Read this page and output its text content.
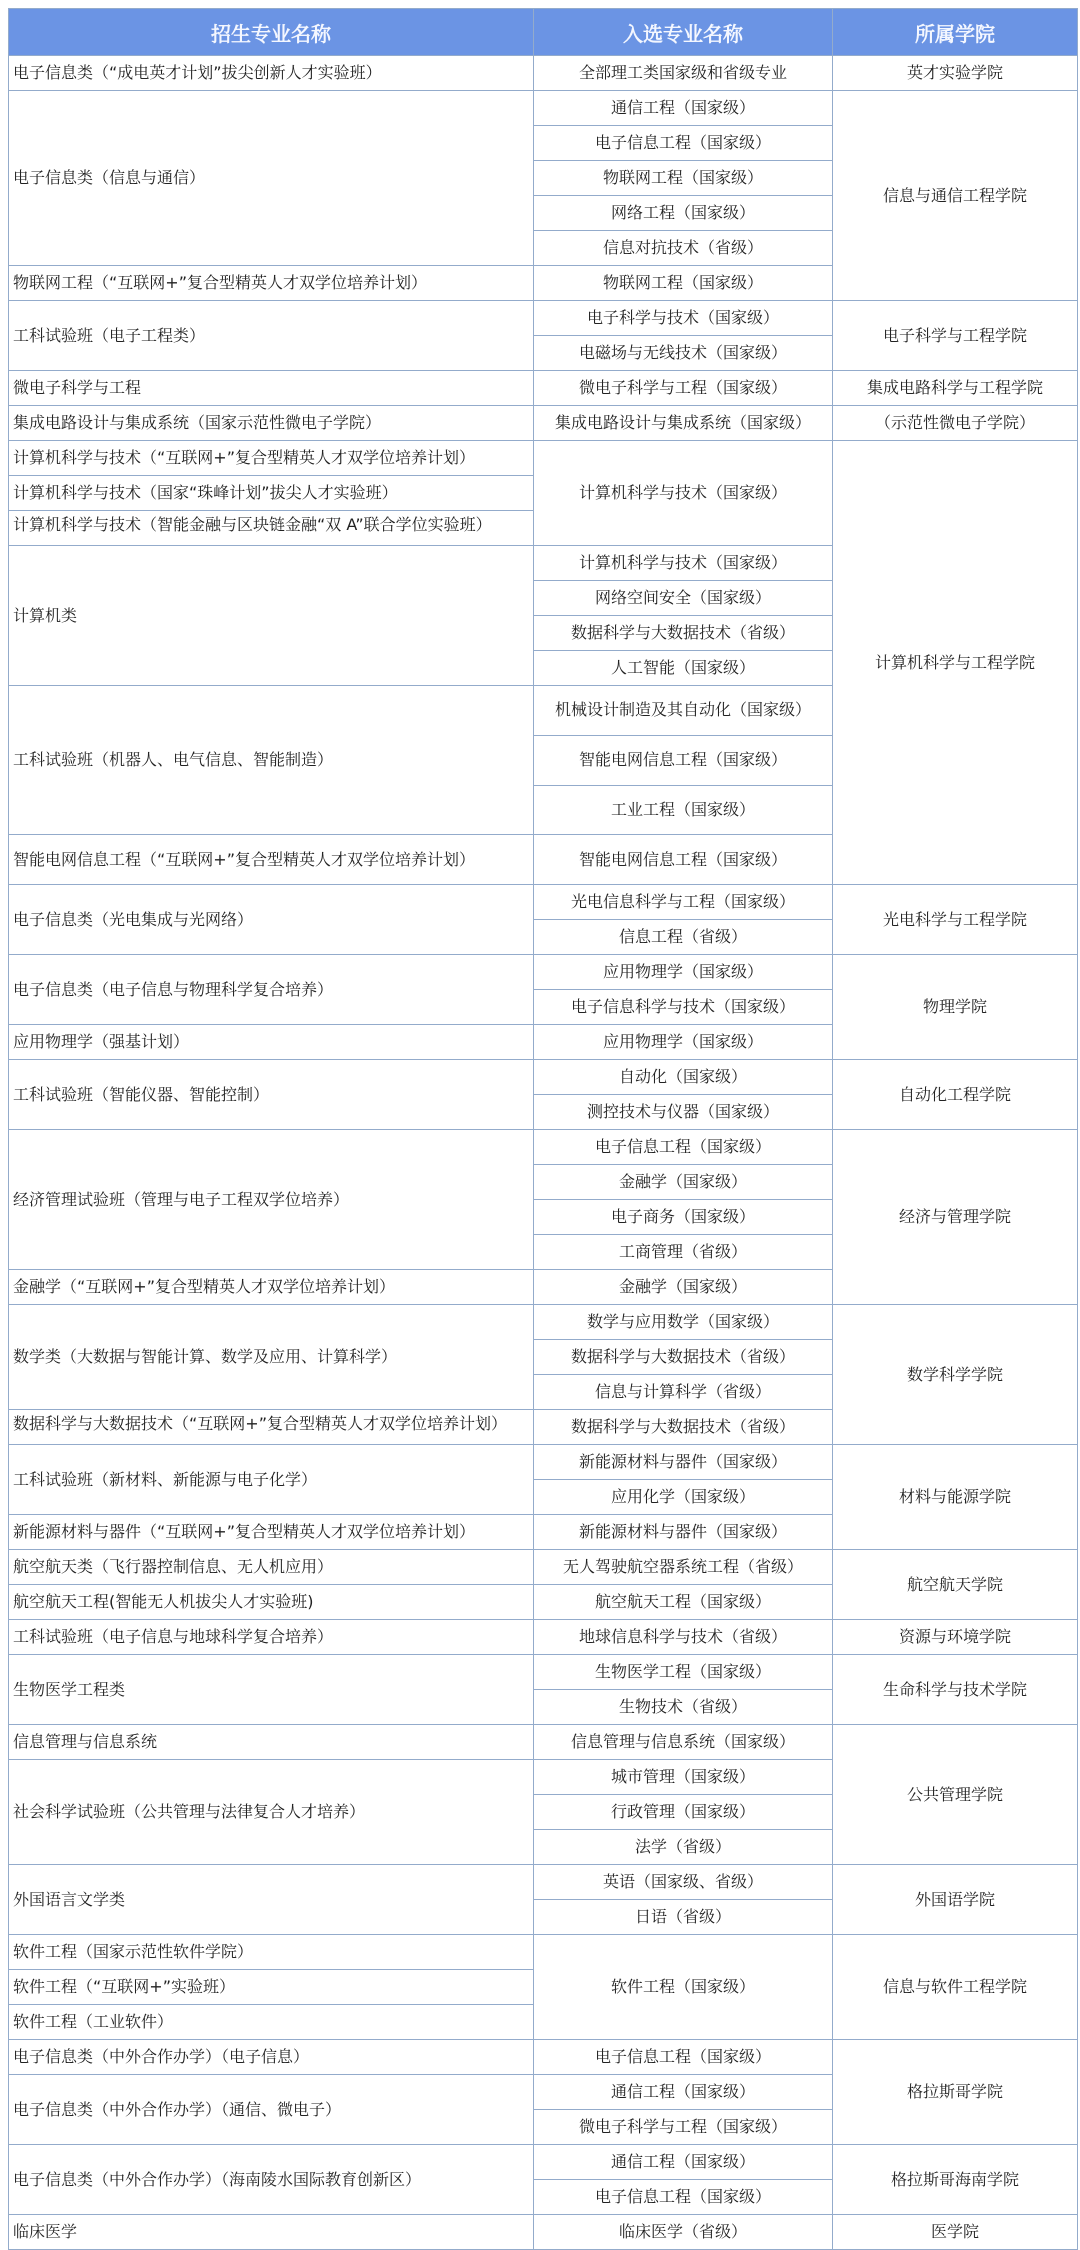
招生专业名称	入选专业名称	所属学院	
电子信息类（“成电英才计划”拔尖创新人才实验班）	全部理工类国家级和省级专业	英才实验学院	
电子信息类（信息与通信）	通信工程（国家级）	信息与通信工程学院	
	电子信息工程（国家级）		
	物联网工程（国家级）		
	网络工程（国家级）		
	信息对抗技术（省级）		
物联网工程（“互联网+”复合型精英人才双学位培养计划）	物联网工程（国家级）		
工科试验班（电子工程类）	电子科学与技术（国家级）	电子科学与工程学院	
	电磁场与无线技术（国家级）		
微电子科学与工程	微电子科学与工程（国家级）	集成电路科学与工程学院	
集成电路设计与集成系统（国家示范性微电子学院）	集成电路设计与集成系统（国家级）	（示范性微电子学院）	
计算机科学与技术（“互联网+”复合型精英人才双学位培养计划）	计算机科学与技术（国家级）	计算机科学与工程学院	
计算机科学与技术（国家“珠峰计划”拔尖人才实验班）			

计算机科学与技术（智能金融与区块链金融“双 A”联合学位实验班）			

计算机类	计算机科学与技术（国家级）		
	网络空间安全（国家级）		
	数据科学与大数据技术（省级）		
	人工智能（国家级）		
工科试验班（机器人、电气信息、智能制造）	机械设计制造及其自动化（国家级）	
	智能电网信息工程（国家级）		
	工业工程（国家级）		
智能电网信息工程（“互联网+”复合型精英人才双学位培养计划）	智能电网信息工程（国家级）		
电子信息类（光电集成与光网络）	光电信息科学与工程（国家级）	光电科学与工程学院	
	信息工程（省级）		
电子信息类（电子信息与物理科学复合培养）	应用物理学（国家级）	物理学院	
	电子信息科学与技术（国家级）		
应用物理学（强基计划）	应用物理学（国家级）		
工科试验班（智能仪器、智能控制）	自动化（国家级）	自动化工程学院	
	测控技术与仪器（国家级）		
经济管理试验班（管理与电子工程双学位培养）	电子信息工程（国家级）	经济与管理学院	
	金融学（国家级）		
	电子商务（国家级）		
	工商管理（省级）		
金融学（“互联网+”复合型精英人才双学位培养计划）	金融学（国家级）		
数学类（大数据与智能计算、数学及应用、计算科学）	数学与应用数学（国家级）	数学科学学院	
	数据科学与大数据技术（省级）		
	信息与计算科学（省级）		

数据科学与大数据技术（“互联网+”复合型精英人才双学位培养计划）	数据科学与大数据技术（省级）		
工科试验班（新材料、新能源与电子化学）	新能源材料与器件（国家级）	材料与能源学院	
	应用化学（国家级）		
新能源材料与器件（“互联网+”复合型精英人才双学位培养计划）	新能源材料与器件（国家级）		
航空航天类（飞行器控制信息、无人机应用）	无人驾驶航空器系统工程（省级）	航空航天学院	
航空航天工程(智能无人机拔尖人才实验班)	航空航天工程（国家级）		
工科试验班（电子信息与地球科学复合培养）	地球信息科学与技术（省级）	资源与环境学院	
生物医学工程类	生物医学工程（国家级）	生命科学与技术学院	
	生物技术（省级）		
信息管理与信息系统	信息管理与信息系统（国家级）	公共管理学院	
社会科学试验班（公共管理与法律复合人才培养）	城市管理（国家级）		
	行政管理（国家级）		
	法学（省级）		
外国语言文学类	英语（国家级、省级）	外国语学院	
	日语（省级）		
软件工程（国家示范性软件学院）	软件工程（国家级）	信息与软件工程学院	
软件工程（“互联网+”实验班）			
软件工程（工业软件）			
电子信息类（中外合作办学）（电子信息）	电子信息工程（国家级）	格拉斯哥学院	
电子信息类（中外合作办学）（通信、微电子）	通信工程（国家级）		
	微电子科学与工程（国家级）		
电子信息类（中外合作办学）（海南陵水国际教育创新区）	通信工程（国家级）	格拉斯哥海南学院	
	电子信息工程（国家级）		
临床医学	临床医学（省级）	医学院	
